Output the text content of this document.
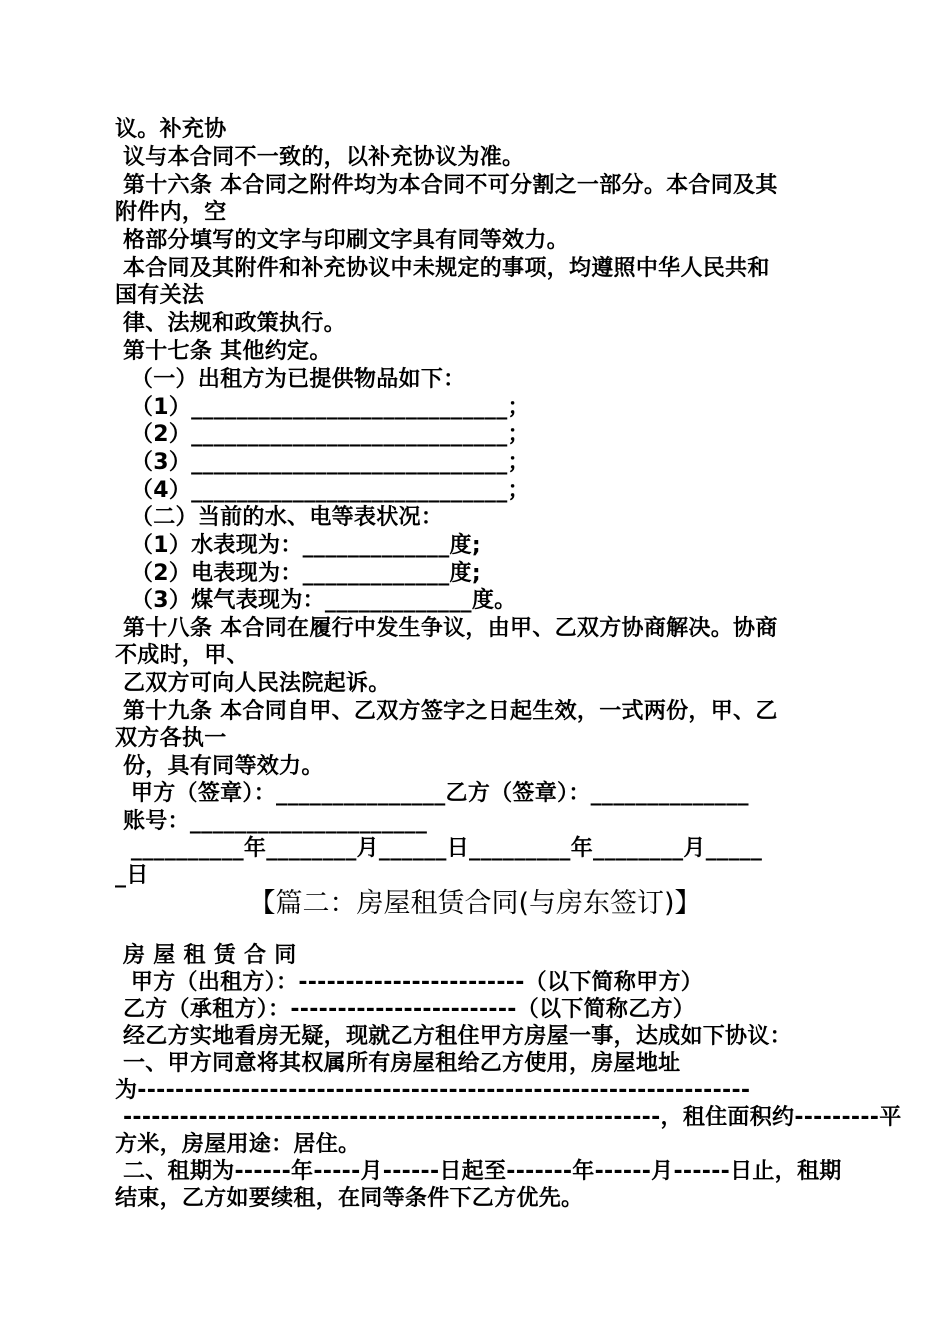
议。补充协
议与本合同不一致的，以补充协议为准。
第十六条 本合同之附件均为本合同不可分割之一部分。本合同及其
附件内，空
格部分填写的文字与印刷文字具有同等效力。
本合同及其附件和补充协议中未规定的事项，均遵照中华人民共和
国有关法
律、法规和政策执行。
第十七条 其他约定。
（一）出租方为已提供物品如下：
（1）____________________________；
（2）____________________________；
（3）____________________________；
（4）____________________________；
（二）当前的水、电等表状况：
（1）水表现为：_____________度;
（2）电表现为：_____________度;
（3）煤气表现为：_____________度。
第十八条 本合同在履行中发生争议，由甲、乙双方协商解决。协商
不成时，甲、
乙双方可向人民法院起诉。
第十九条 本合同自甲、乙双方签字之日起生效，一式两份，甲、乙
双方各执一
份，具有同等效力。
甲方（签章）：_______________乙方（签章）：______________
账号：_____________________
__________年________月______日_________年________月_____
_日
【篇二：房屋租赁合同(与房东签订)】
房 屋 租 赁 合 同
甲方（出租方）：------------------------（以下简称甲方）
乙方（承租方）：------------------------（以下简称乙方）
经乙方实地看房无疑，现就乙方租住甲方房屋一事，达成如下协议：
一、甲方同意将其权属所有房屋租给乙方使用，房屋地址
为-----------------------------------------------------------------
---------------------------------------------------------，租住面积约---------平
方米，房屋用途：居住。
二、租期为------年-----月------日起至-------年------月------日止，租期
结束，乙方如要续租，在同等条件下乙方优先。
